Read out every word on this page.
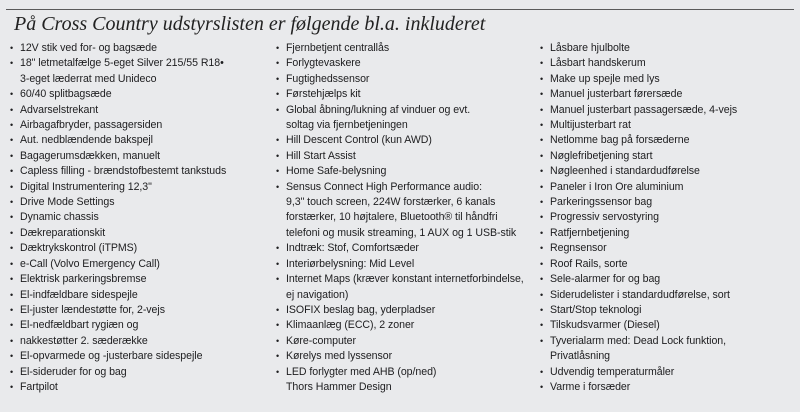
På Cross Country udstyrslisten er følgende bl.a. inkluderet
• 12V stik ved for- og bagsæde
• 18" letmetalfælge 5-eget Silver 215/55 R18•
3-eget læderrat med Unideco
• 60/40 splitbagsæde
• Advarselstrekant
• Airbagafbryder, passagersiden
• Aut. nedblændende bakspejl
• Bagagerumsdækken, manuelt
• Capless filling - brændstofbestemt tankstuds
• Digital Instrumentering 12,3"
• Drive Mode Settings
• Dynamic chassis
• Dækreparationskit
• Dæktrykskontrol (iTPMS)
• e-Call (Volvo Emergency Call)
• Elektrisk parkeringsbremse
• El-indfældbare sidespejle
• El-juster lændestøtte for, 2-vejs
• El-nedfældbart rygiæn og
• nakkestøtter 2. sæderække
• El-opvarmede og -justerbare sidespejle
• El-sideruder for og bag
• Fartpilot
• Fjernbetjent centrallås
• Forlygtevaskere
• Fugtighedssensor
• Førstehjælps kit
• Global åbning/lukning af vinduer og evt.
soltag via fjernbetjeningen
• Hill Descent Control (kun AWD)
• Hill Start Assist
• Home Safe-belysning
• Sensus Connect High Performance audio:
9,3" touch screen, 224W forstærker, 6 kanals
forstærker, 10 højtalere, Bluetooth® til håndfri
telefoni og musik streaming, 1 AUX og 1 USB-stik
• Indtræk: Stof, Comfortsæder
• Interiørbelysning: Mid Level
• Internet Maps (kræver konstant internetforbindelse,
ej navigation)
• ISOFIX beslag bag, yderpladser
• Klimaanlæg (ECC), 2 zoner
• Køre-computer
• Kørelys med lyssensor
• LED forlygter med AHB (op/ned)
Thors Hammer Design
• Låsbare hjulbolte
• Låsbart handskerum
• Make up spejle med lys
• Manuel justerbart førersæde
• Manuel justerbart passagersæde, 4-vejs
• Multijusterbart rat
• Netlomme bag på forsæderne
• Nøglefribetjening start
• Nøgleenhed i standardudførelse
• Paneler i Iron Ore aluminium
• Parkeringssensor bag
• Progressiv servostyring
• Ratfjernbetjening
• Regnsensor
• Roof Rails, sorte
• Sele-alarmer for og bag
• Siderudelister i standardudførelse, sort
• Start/Stop teknologi
• Tilskudsvarmer (Diesel)
• Tyverialarm med: Dead Lock funktion,
Privatlåsning
• Udvendig temperaturmåler
• Varme i forsæder
